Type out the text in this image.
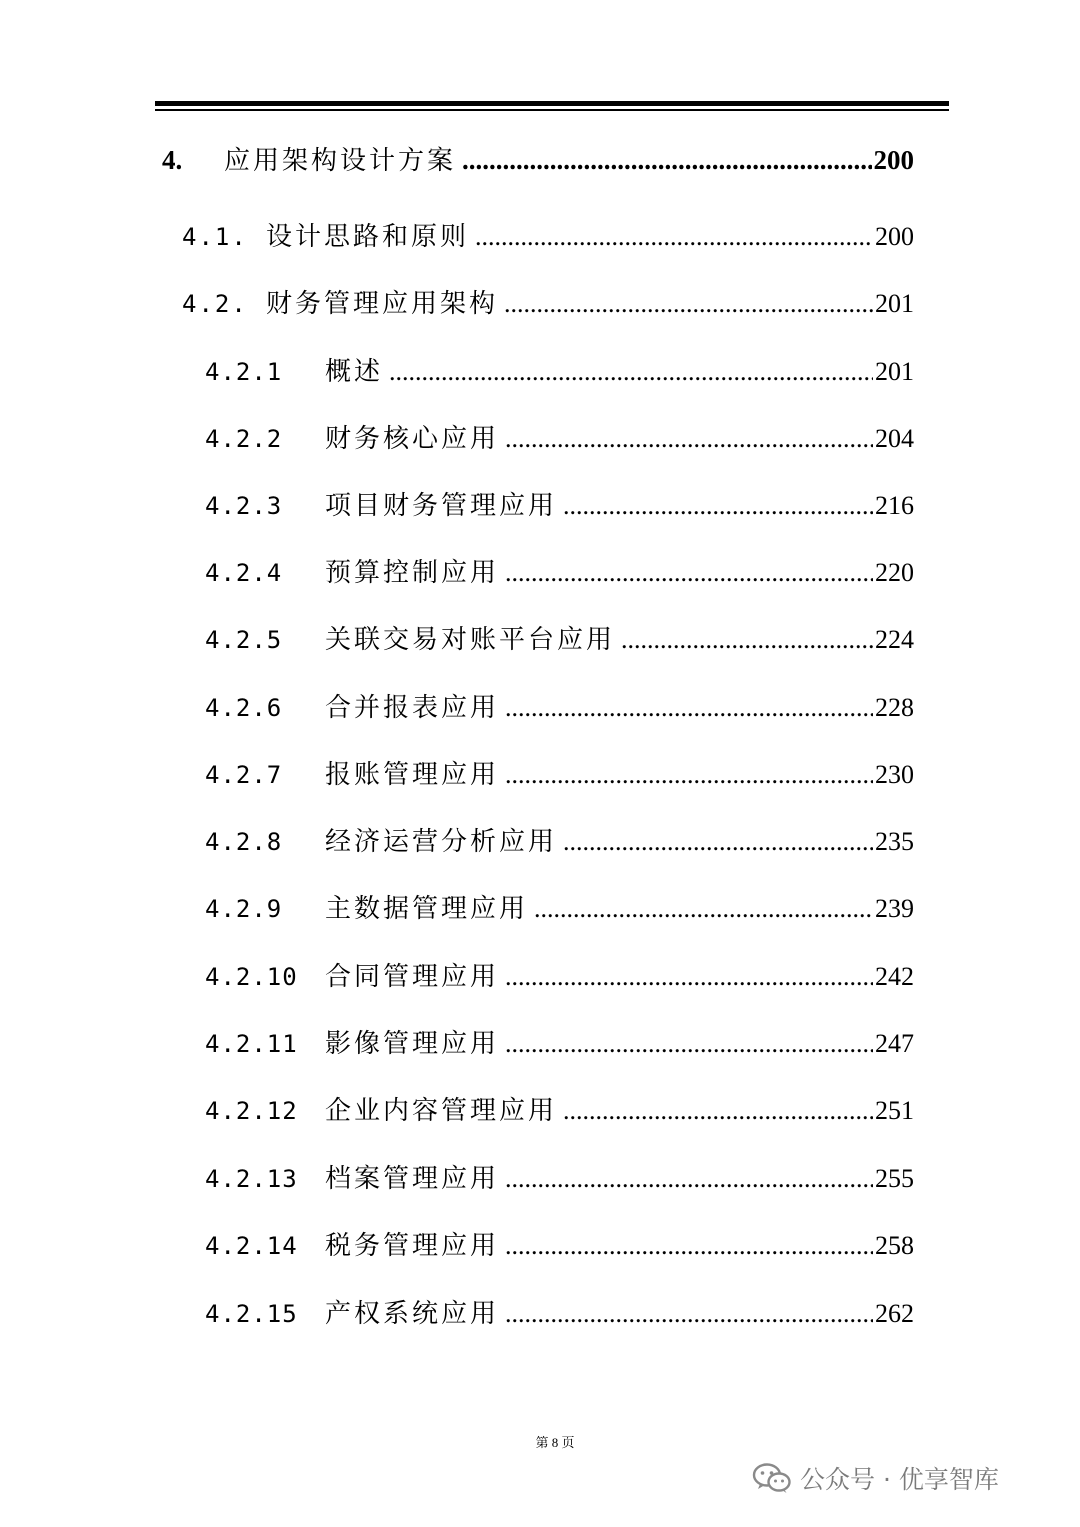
4.	应用架构设计方案 .....	200
4.1. 设计思路和原则 .....	200
4.2. 财务管理应用架构 .....	201
4.2.1	概述 .....	201
4.2.2	财务核心应用 .....	204
4.2.3	项目财务管理应用 .....	216
4.2.4	预算控制应用 .....	220
4.2.5	关联交易对账平台应用 .....	224
4.2.6	合并报表应用 .....	228
4.2.7	报账管理应用 .....	230
4.2.8	经济运营分析应用 .....	235
4.2.9	主数据管理应用 .....	239
4.2.10	合同管理应用 .....	242
4.2.11	影像管理应用 .....	247
4.2.12	企业内容管理应用 .....	251
4.2.13	档案管理应用 .....	255
4.2.14	税务管理应用 .....	258
4.2.15	产权系统应用 .....	262
第 8 页
公众号 · 优享智库
